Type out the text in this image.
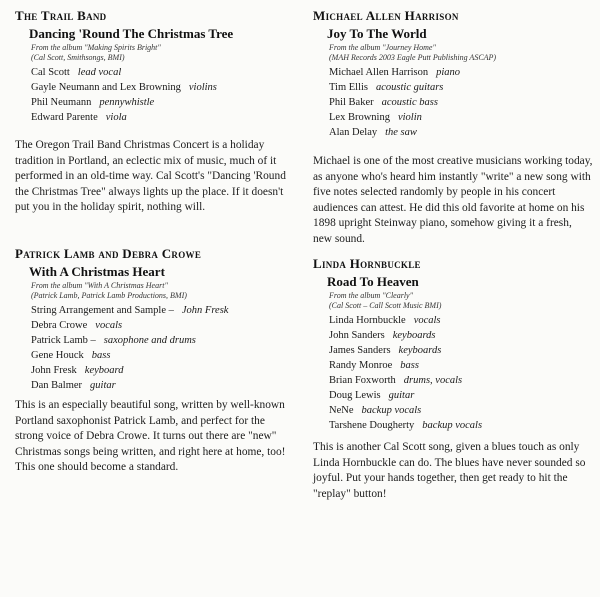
The Trail Band
Dancing 'Round The Christmas Tree
From the album "Making Spirits Bright"
(Cal Scott, Smithsongs, BMI)
Cal Scott lead vocal
Gayle Neumann and Lex Browning violins
Phil Neumann pennywhistle
Edward Parente viola

The Oregon Trail Band Christmas Concert is a holiday tradition in Portland, an eclectic mix of music, much of it performed in an old-time way. Cal Scott's "Dancing 'Round the Christmas Tree" always lights up the place. If it doesn't put you in the holiday spirit, nothing will.

Patrick Lamb and Debra Crowe
With A Christmas Heart
From the album "With A Christmas Heart"
(Patrick Lamb, Patrick Lamb Productions, BMI)
String Arrangement and Sample – John Fresk
Debra Crowe vocals
Patrick Lamb – saxophone and drums
Gene Houck bass
John Fresk keyboard
Dan Balmer guitar

This is an especially beautiful song, written by well-known Portland saxophonist Patrick Lamb, and perfect for the strong voice of Debra Crowe. It turns out there are "new" Christmas songs being written, and right here at home, too! This one should become a standard.

Michael Allen Harrison
Joy To The World
From the album "Journey Home"
(MAH Records 2003 Eagle Putt Publishing ASCAP)
Michael Allen Harrison piano
Tim Ellis acoustic guitars
Phil Baker acoustic bass
Lex Browning violin
Alan Delay the saw

Michael is one of the most creative musicians working today, as anyone who's heard him instantly "write" a new song with five notes selected randomly by people in his concert audiences can attest. He did this old favorite at home on his 1898 upright Steinway piano, somehow giving it a fresh, new sound.

Linda Hornbuckle
Road To Heaven
From the album "Clearly"
(Cal Scott – Call Scott Music BMI)
Linda Hornbuckle vocals
John Sanders keyboards
James Sanders keyboards
Randy Monroe bass
Brian Foxworth drums, vocals
Doug Lewis guitar
NeNe backup vocals
Tarshene Dougherty backup vocals

This is another Cal Scott song, given a blues touch as only Linda Hornbuckle can do. The blues have never sounded so joyful. Put your hands together, then get ready to hit the "replay" button!
